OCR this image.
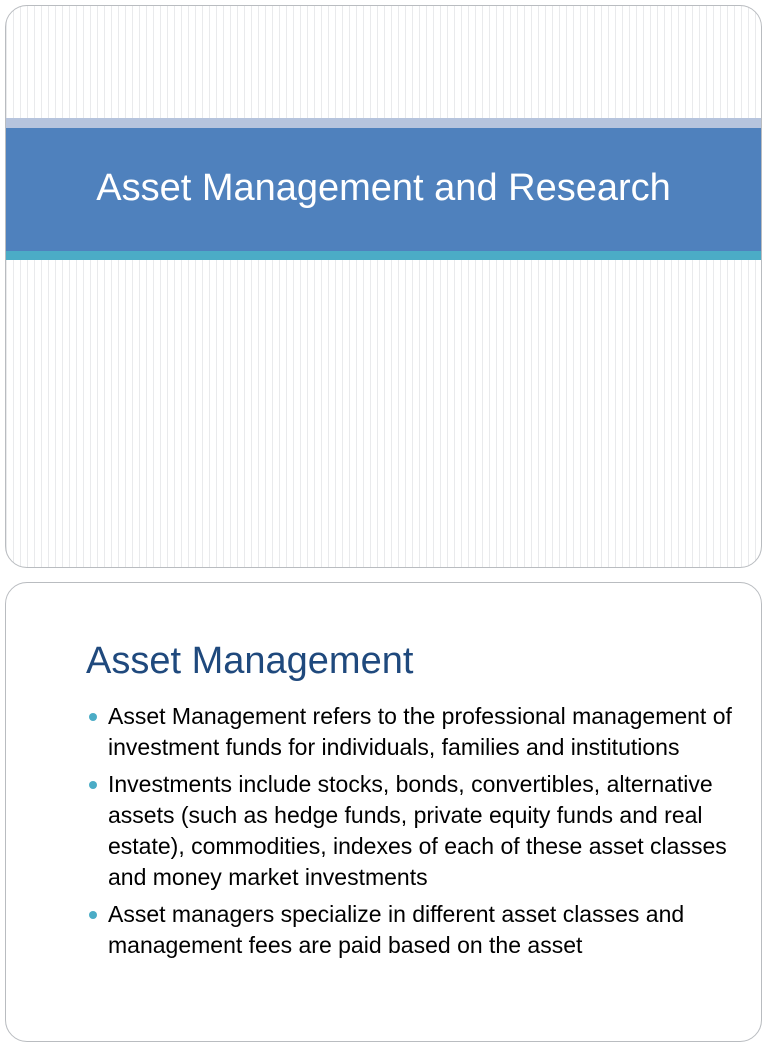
Asset Management and Research
Asset Management
Asset Management refers to the professional management of investment funds for individuals, families and institutions
Investments include stocks, bonds, convertibles, alternative assets (such as hedge funds, private equity funds and real estate), commodities, indexes of each of these asset classes and money market investments
Asset managers specialize in different asset classes and management fees are paid based on the asset
